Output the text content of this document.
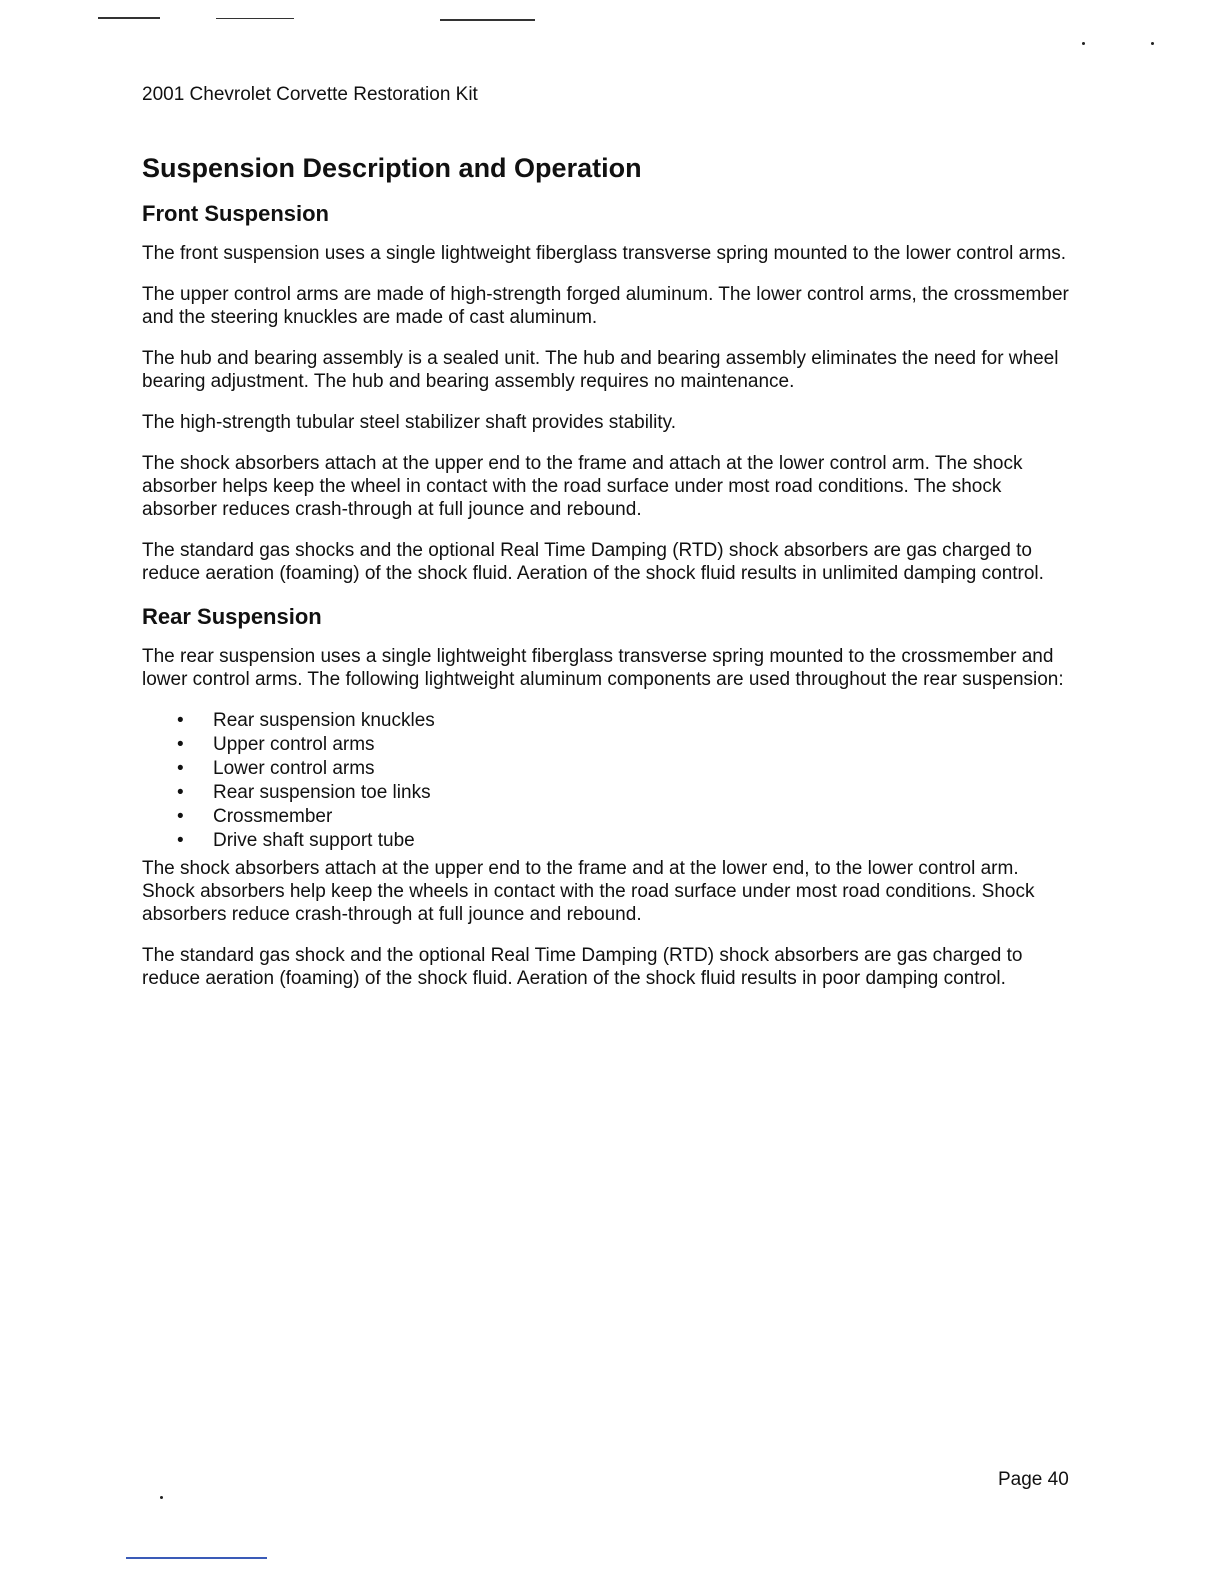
2001 Chevrolet Corvette Restoration Kit
Suspension Description and Operation
Front Suspension

The front suspension uses a single lightweight fiberglass transverse spring mounted to the lower control arms.

The upper control arms are made of high-strength forged aluminum. The lower control arms, the crossmember and the steering knuckles are made of cast aluminum.

The hub and bearing assembly is a sealed unit. The hub and bearing assembly eliminates the need for wheel bearing adjustment. The hub and bearing assembly requires no maintenance.

The high-strength tubular steel stabilizer shaft provides stability.

The shock absorbers attach at the upper end to the frame and attach at the lower control arm. The shock absorber helps keep the wheel in contact with the road surface under most road conditions. The shock absorber reduces crash-through at full jounce and rebound.

The standard gas shocks and the optional Real Time Damping (RTD) shock absorbers are gas charged to reduce aeration (foaming) of the shock fluid. Aeration of the shock fluid results in unlimited damping control.

Rear Suspension

The rear suspension uses a single lightweight fiberglass transverse spring mounted to the crossmember and lower control arms. The following lightweight aluminum components are used throughout the rear suspension:

• Rear suspension knuckles
• Upper control arms
• Lower control arms
• Rear suspension toe links
• Crossmember
• Drive shaft support tube

The shock absorbers attach at the upper end to the frame and at the lower end, to the lower control arm. Shock absorbers help keep the wheels in contact with the road surface under most road conditions. Shock absorbers reduce crash-through at full jounce and rebound.

The standard gas shock and the optional Real Time Damping (RTD) shock absorbers are gas charged to reduce aeration (foaming) of the shock fluid. Aeration of the shock fluid results in poor damping control.

Page 40
